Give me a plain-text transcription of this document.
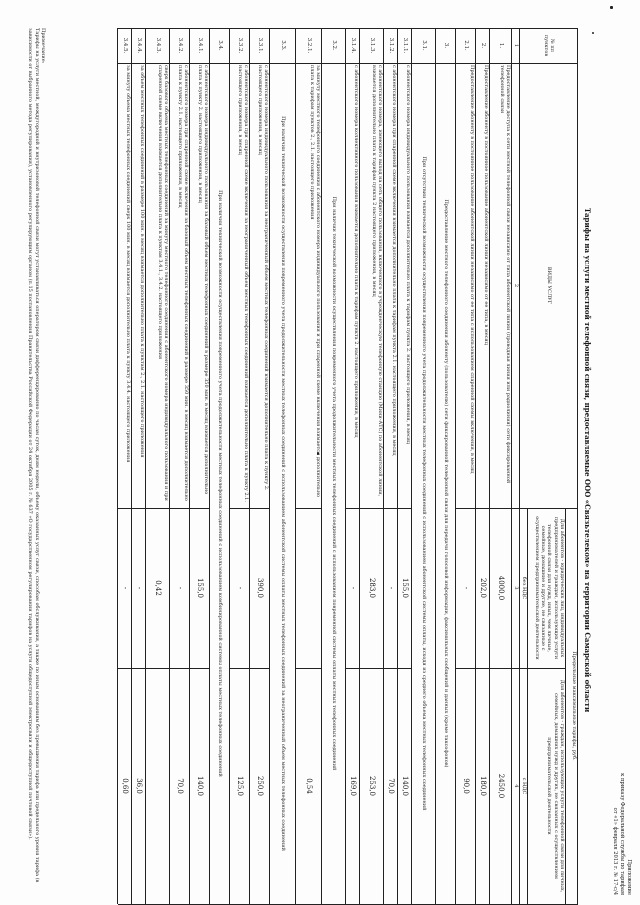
Приложение
к приказу Федеральной службы по тарифам
от «1» февраля 2013 г. № 17-с/4
Тарифы на услуги местной телефонной связи, предоставляемые ООО «Связьтелеком» на территории Самарской области
№ пп пунктов
ВИДЫ УСЛУГ
Предельные максимальные тарифы, руб.
Для абонентов - юридических лиц, индивидуальных предпринимателей и граждан, использующих услуги телефонной связи для нужд, иных, чем личные, семейные, домашние и другие, не связанные с осуществлением предпринимательской деятельности
Для абонентов - граждан, использующих услуги телефонной связи для личных, семейных, домашних нужд и других, не связанных с осуществлением предпринимательской деятельности
без НДС
с НДС
1
2
3
4
1.
Предоставление доступа к сети местной телефонной связи независимо от типа абонентской линии (проводная линия или радиолиния) сети фиксированной телефонной связи
4000,0
2450,0
2.
Предоставление абоненту в постоянное пользование абонентской линии независимо от ее типа, в месяц
202,0
180,0
2.1.
Предоставление абоненту в постоянное пользование абонентской линии независимо от ее типа с использованием спаренной схемы включения, в месяц
-
90,0
3.
Предоставление местного телефонного соединения абоненту (пользователю) сети фиксированной телефонной связи для передачи голосовой информации, факсимильных сообщений и данных (кроме таксофонов)
3.1.
При отсутствии технической возможности осуществления повременного учета продолжительности местных телефонных соединений с использованием абонентской системы оплаты, исходя из среднего объема местных телефонных соединений
3.1.1.
с абонентского номера индивидуального пользования взимается дополнительно плата к тарифам пункта 2. настоящего приложения, в месяц
155,0
140,0
3.1.2.
с абонентского номера при спаренной схеме включения взимается дополнительно плата к тарифам пункта 2.1. настоящего приложения, в месяц
-
70,0
3.1.3.
с абонентского номера, имеющего выход на сеть общего пользования, включенного в учрежденческую телефонную станцию (Мини-АТС) по абонентской линии, взимается дополнительно плата к тарифам пункта 2 настоящего приложения, в месяц
283,0
253,0
3.1.4.
с абонентского номера коллективного пользования взимается дополнительно плата к тарифам пункта 2. настоящего приложения, в месяц
-
169,0
3.2.
При наличии технической возможности осуществления повременного учета продолжительности местных телефонных соединений с использованием повременной системы оплаты местных телефонных соединений
3.2.1.
за минуту местного телефонного соединения с абонентского номера индивидуального пользования и при спаренной схеме включения взимается дополнительно плата к тарифам пунктов 2., 2.1. настоящего приложения
0,54
3.3.
При наличии технической возможности осуществления повременного учета продолжительности местных телефонных соединений с использованием абонентской системы оплаты местных телефонных соединений за неограниченный объем местных телефонных соединений
3.3.1.
с абонентского номера индивидуального пользования за неограниченный объем местных телефонных соединений взимается дополнительно плата к пункту 2. настоящего приложения, в месяц
390,0
250,0
3.3.2.
с абонентского номера при спаренной схеме включения за неограниченный объем местных телефонных соединений взимается дополнительно плата к пункту 2.1. настоящего приложения, в месяц
-
125,0
3.4.
При наличии технической возможности осуществления повременного учета продолжительности местных телефонных соединений с использованием комбинированной системы оплаты местных телефонных соединений
3.4.1.
с абонентского номера индивидуального пользования за базовый объем местных телефонных соединений в размере 350 мин. в месяц взимается дополнительно плата к пункту 2. настоящего приложения, в месяц
155,0
140,0
3.4.2.
с абонентского номера при спаренной схеме включения за базовый объем местных телефонных соединений в размере 350 мин. в месяц взимается дополнительно плата к пункту 2.1. настоящего приложения, в месяц
-
70,0
3.4.3.
сверх базового объема местных телефонных соединений за минуту местного телефонного соединения с абонентского номера индивидуального пользования и при спаренной схеме включения взимается дополнительно плата к пунктам 3.4.1., 3.4.2. настоящего приложения
0,42
3.4.4.
за объем местных телефонных соединений в размере 100 мин. в месяц взимается дополнительно плата к пунктам 2., 2.1. настоящего приложения
-
36,0
3.4.5.
за минуту объема местных телефонных соединений сверх 100 мин. в месяц взимается дополнительно плата к пункту 3.4.4. настоящего приложения
-
0,60
Примечание:
Тарифы на услуги местной, междугородной и внутризоновой телефонной связи могут устанавливаться оператором связи дифференцированно по часам суток, дням недели, объему оказанных услуг связи, способам обслуживания, а также по иным основаниям без превышения тарифа или предельного уровня тарифа (в зависимости от выбранного метода регулирования), установленного регулирующим органом (п.15 постановления Правительства Российской Федерации от 24 октября 2005 г. № 637 «О государственном регулировании тарифов на услуги общедоступной электросвязи и общедоступной почтовой связи»).
